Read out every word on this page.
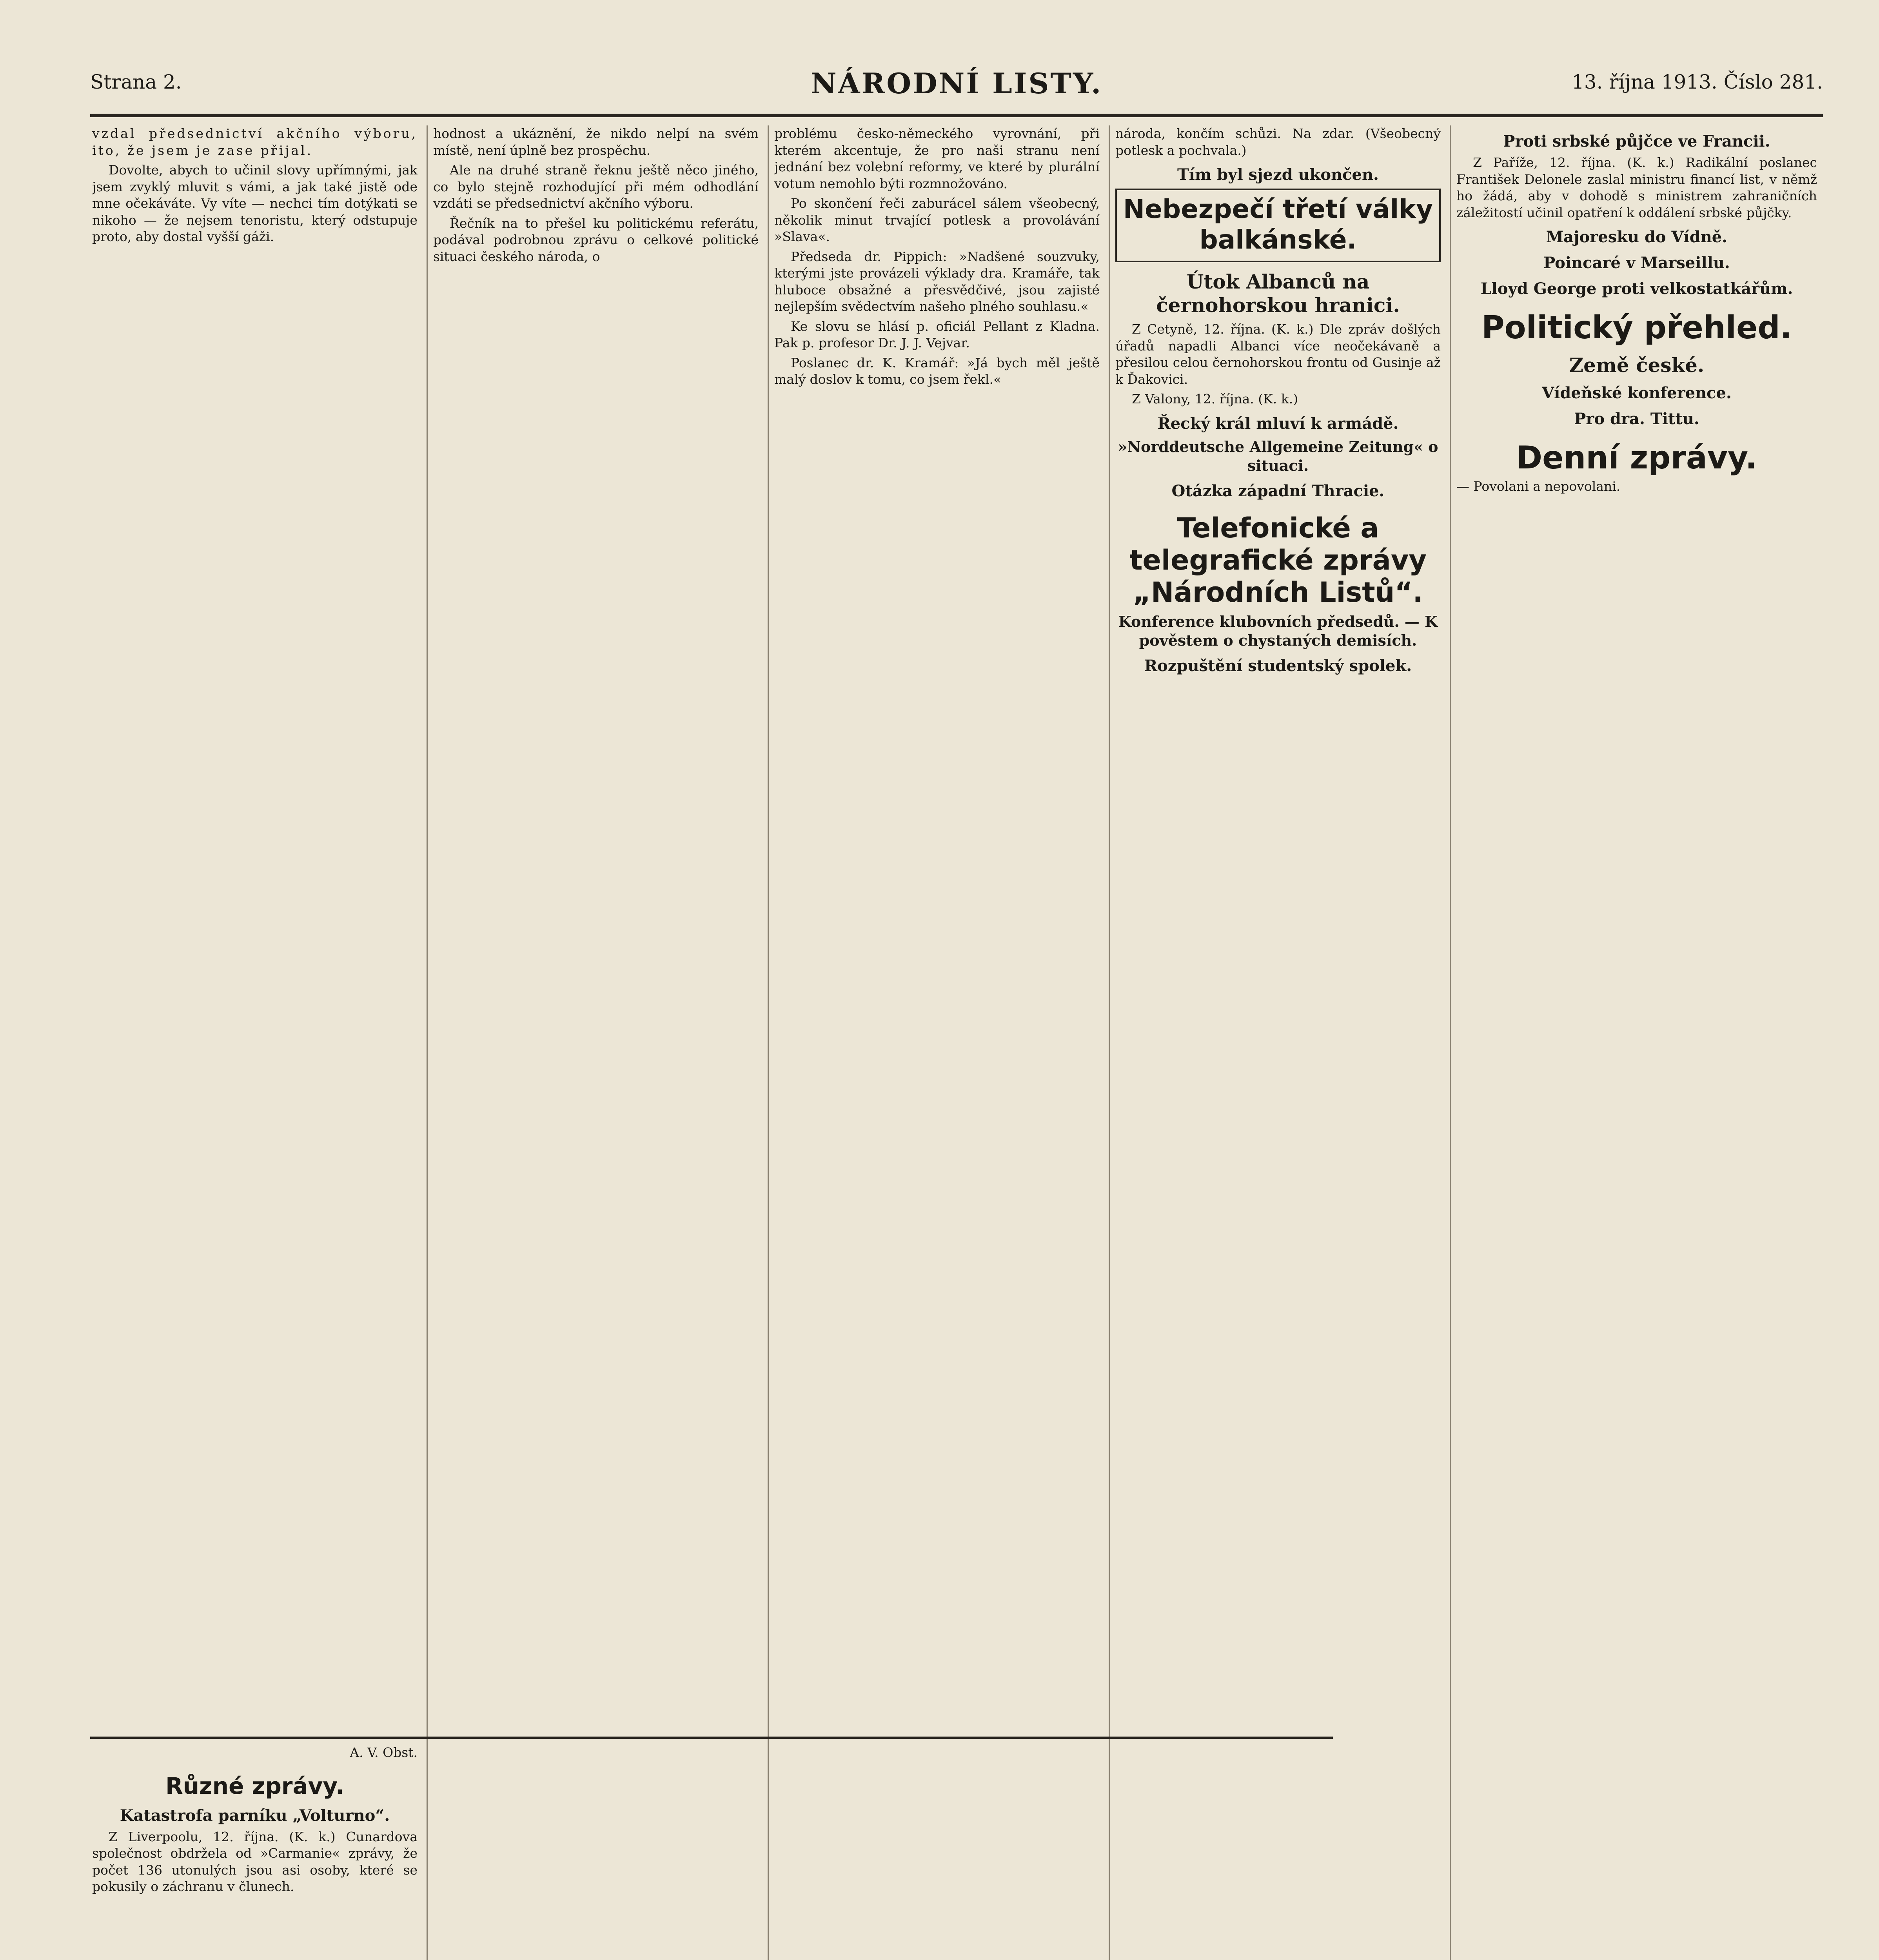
Strana 2.	NÁRODNÍ LISTY.	13. října 1913. Číslo 281.

vzdal předsednictví akčního výboru, ito, že jsem je zase přijal.

Dovolte, abych to učinil slovy upřímnými, jak jsem zvyklý mluvit s vámi, a jak také jistě ode mne očekáváte. Vy víte — nechci tím dotýkati se nikoho — že nejsem tenoristu, který odstupuje proto, aby dostal vyšší gáži.

hodnost a ukáznění, že nikdo nelpí na svém místě, není úplně bez prospěchu.

Ale na druhé straně řeknu ještě něco jiného, co bylo stejně rozhodující při mém odhodlání vzdáti se předsednictví akčního výboru.

Řečník na to přešel ku politickému referátu, podával podrobnou zprávu o celkové politické situaci českého národa, o

problému česko-německého vyrovnání, při kterém akcentuje, že pro naši stranu není jednání bez volební reformy, ve které by plurální votum nemohlo býti rozmnožováno.

Po skončení řeči zaburácel sálem všeobecný, několik minut trvající potlesk a provolávání »Slava«.

Předseda dr. Pippich: »Nadšené souzvuky, kterými jste provázeli výklady dra. Kramáře, tak hluboce obsažné a přesvědčivé, jsou zajisté nejlepším svědectvím našeho plného souhlasu.«

Ke slovu se hlásí p. oficiál Pellant z Kladna. Pak p. profesor Dr. J. J. Vejvar.

Poslanec dr. K. Kramář: »Já bych měl ještě malý doslov k tomu, co jsem řekl.«

národa, končím schůzi. Na zdar. (Všeobecný potlesk a pochvala.)

Tím byl sjezd ukončen.
Nebezpečí třetí války balkánské.
Útok Albanců na černohorskou hranici.

Z Cetyně, 12. října. (K. k.) Dle zpráv došlých úřadů napadli Albanci více neočekávaně a přesilou celou černohorskou frontu od Gusinje až k Ďakovici.

Z Valony, 12. října. (K. k.)

Řecký král mluví k armádě.
»Norddeutsche Allgemeine Zeitung« o situaci.
Otázka západní Thracie.
Telefonické a telegrafické zprávy „Národních Listů“.
Konference klubovních předsedů. — K pověstem o chystaných demisích.
Rozpuštění studentský spolek.
Proti srbské půjčce ve Francii.

Z Paříže, 12. října. (K. k.) Radikální poslanec František Delonele zaslal ministru financí list, v němž ho žádá, aby v dohodě s ministrem zahraničních záležitostí učinil opatření k oddálení srbské půjčky.

Majoresku do Vídně.
Poincaré v Marseillu.
Lloyd George proti velkostatkářům.
Politický přehled.
Země české.
Vídeňské konference.
Pro dra. Tittu.
Denní zprávy.

— Povolani a nepovolani.

A. V. Obst.

Různé zprávy.
Katastrofa parníku „Volturno“.

Z Liverpoolu, 12. října. (K. k.) Cunardova společnost obdržela od »Carmanie« zprávy, že počet 136 utonulých jsou asi osoby, které se pokusily o záchranu v člunech.
